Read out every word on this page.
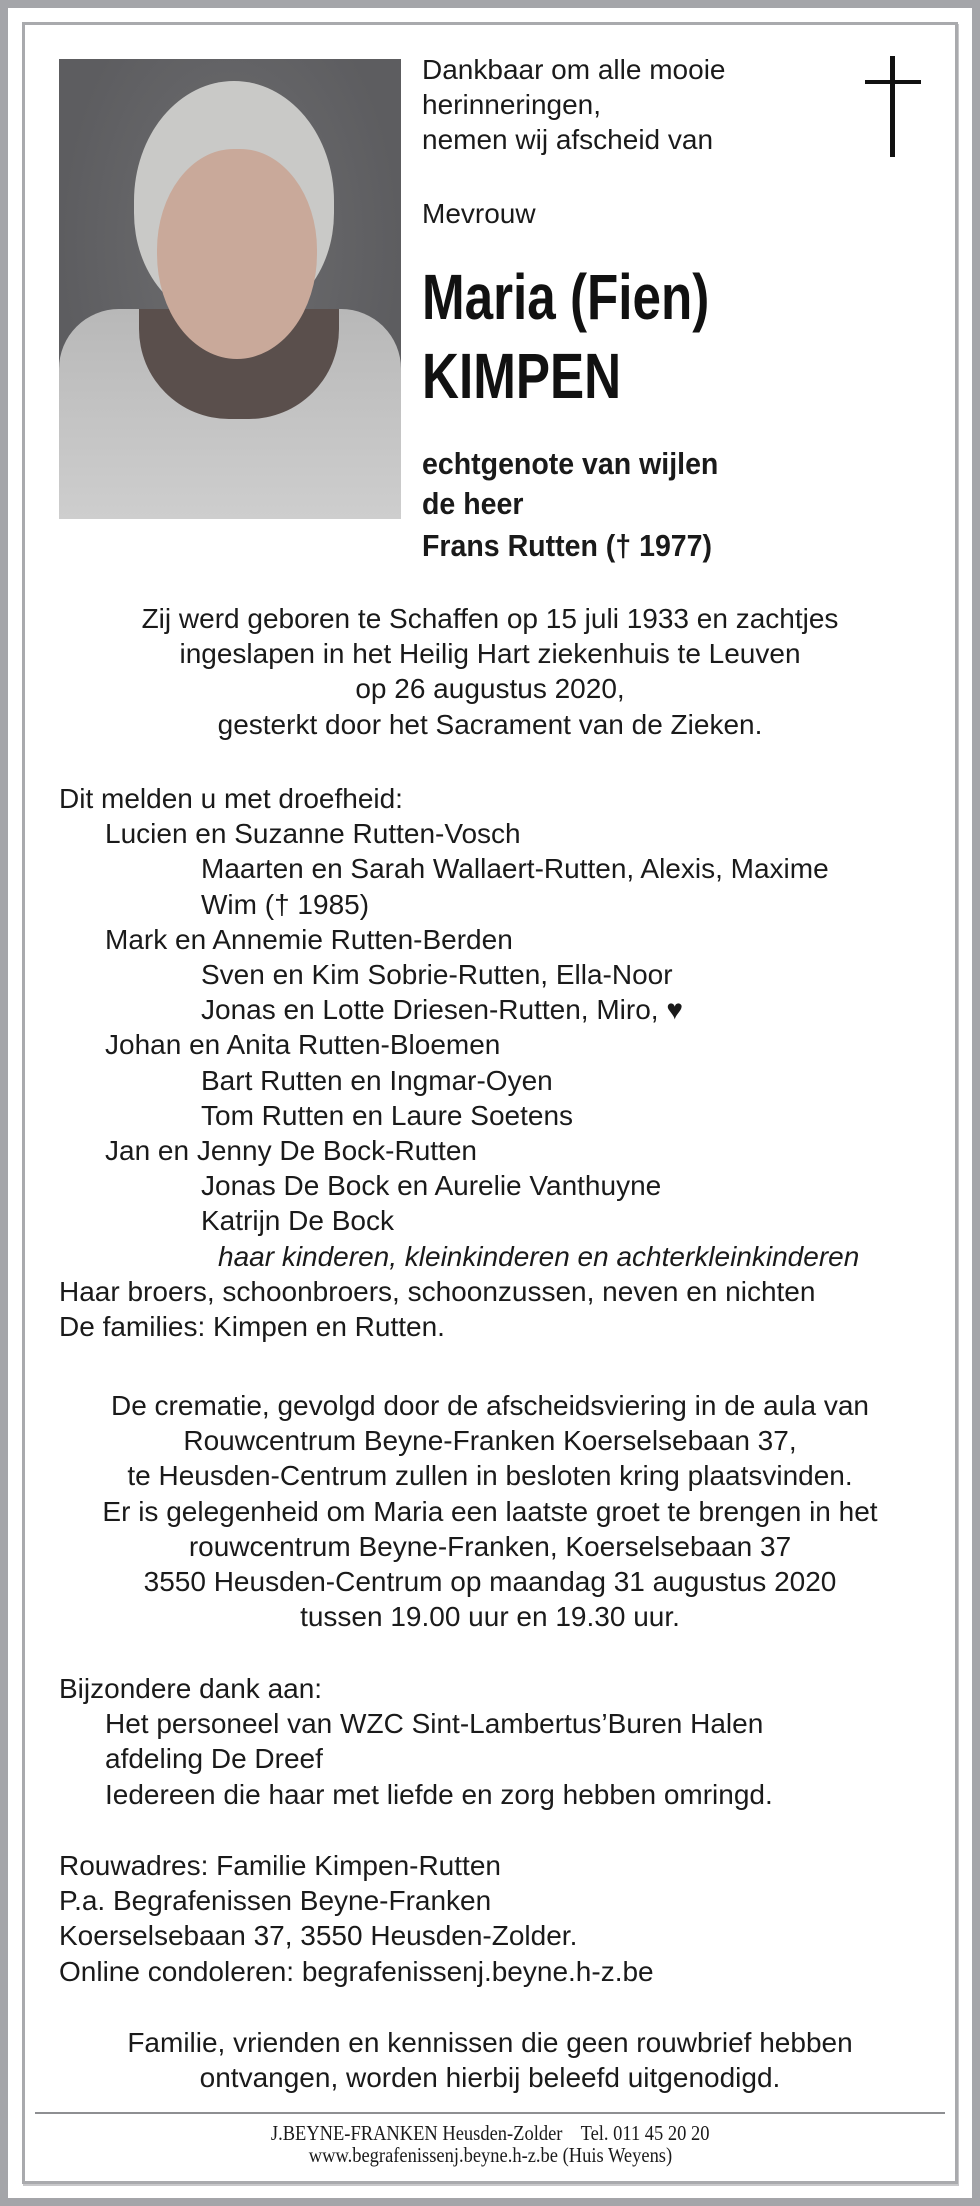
Dankbaar om alle mooie
herinneringen,
nemen wij afscheid van
Mevrouw
Maria (Fien)
KIMPEN
echtgenote van wijlen
de heer
Frans Rutten († 1977)
Zij werd geboren te Schaffen op 15 juli 1933 en zachtjes
ingeslapen in het Heilig Hart ziekenhuis te Leuven
op 26 augustus 2020,
gesterkt door het Sacrament van de Zieken.
Dit melden u met droefheid:
Lucien en Suzanne Rutten-Vosch
Maarten en Sarah Wallaert-Rutten, Alexis, Maxime
Wim († 1985)
Mark en Annemie Rutten-Berden
Sven en Kim Sobrie-Rutten, Ella-Noor
Jonas en Lotte Driesen-Rutten, Miro, ♥
Johan en Anita Rutten-Bloemen
Bart Rutten en Ingmar-Oyen
Tom Rutten en Laure Soetens
Jan en Jenny De Bock-Rutten
Jonas De Bock en Aurelie Vanthuyne
Katrijn De Bock
haar kinderen, kleinkinderen en achterkleinkinderen
Haar broers, schoonbroers, schoonzussen, neven en nichten
De families: Kimpen en Rutten.
De crematie, gevolgd door de afscheidsviering in de aula van
Rouwcentrum Beyne-Franken Koerselsebaan 37,
te Heusden-Centrum zullen in besloten kring plaatsvinden.
Er is gelegenheid om Maria een laatste groet te brengen in het
rouwcentrum Beyne-Franken, Koerselsebaan 37
3550 Heusden-Centrum op maandag 31 augustus 2020
tussen 19.00 uur en 19.30 uur.
Bijzondere dank aan:
Het personeel van WZC Sint-Lambertus’Buren Halen
afdeling De Dreef
Iedereen die haar met liefde en zorg hebben omringd.
Rouwadres: Familie Kimpen-Rutten
P.a. Begrafenissen Beyne-Franken
Koerselsebaan 37, 3550 Heusden-Zolder.
Online condoleren: begrafenissenj.beyne.h-z.be
Familie, vrienden en kennissen die geen rouwbrief hebben
ontvangen, worden hierbij beleefd uitgenodigd.
J.BEYNE-FRANKEN Heusden-Zolder    Tel. 011 45 20 20
www.begrafenissenj.beyne.h-z.be (Huis Weyens)
